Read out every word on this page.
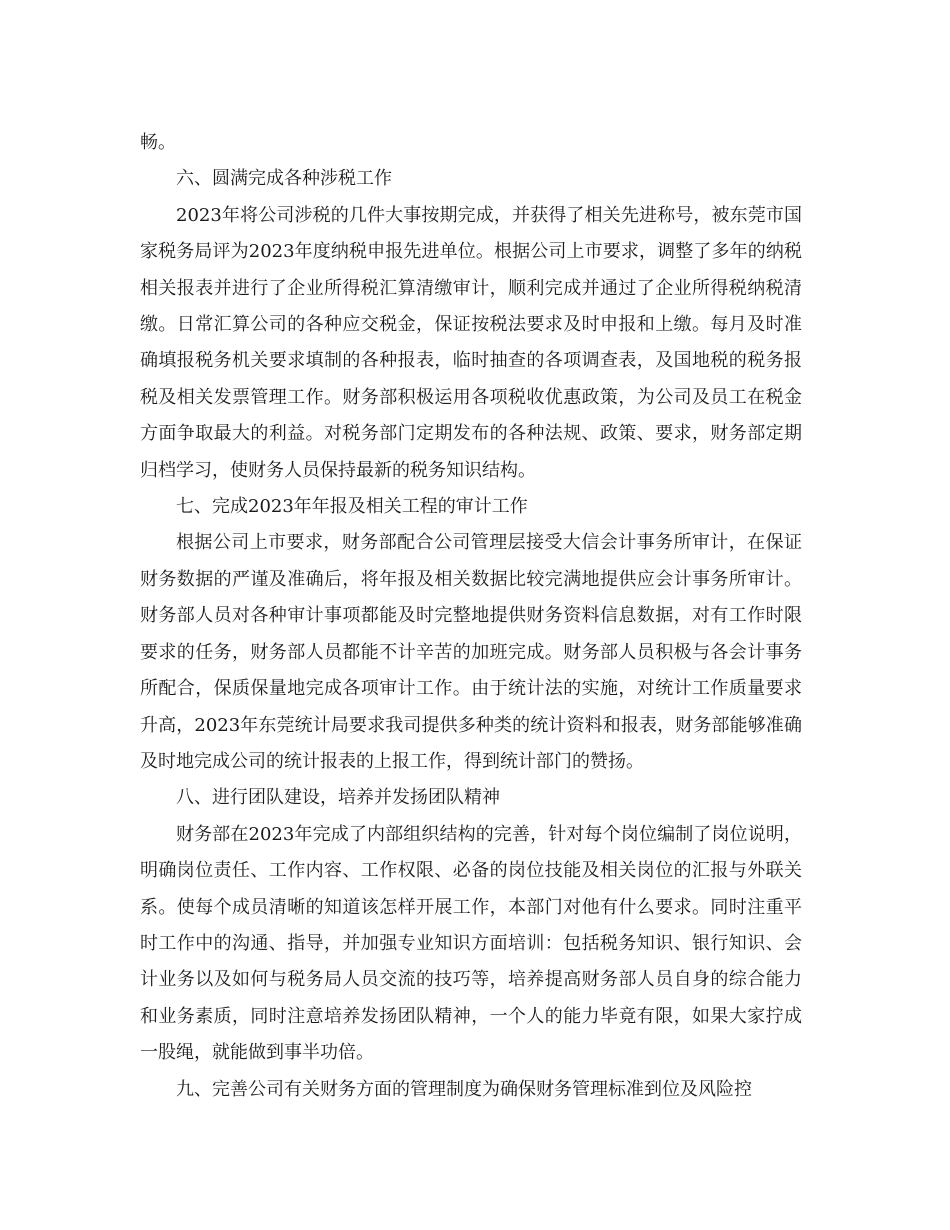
畅。

六、圆满完成各种涉税工作

2023年将公司涉税的几件大事按期完成，并获得了相关先进称号，被东莞市国家税务局评为2023年度纳税申报先进单位。根据公司上市要求，调整了多年的纳税相关报表并进行了企业所得税汇算清缴审计，顺利完成并通过了企业所得税纳税清缴。日常汇算公司的各种应交税金，保证按税法要求及时申报和上缴。每月及时准确填报税务机关要求填制的各种报表，临时抽查的各项调查表，及国地税的税务报税及相关发票管理工作。财务部积极运用各项税收优惠政策，为公司及员工在税金方面争取最大的利益。对税务部门定期发布的各种法规、政策、要求，财务部定期归档学习，使财务人员保持最新的税务知识结构。

七、完成2023年年报及相关工程的审计工作

根据公司上市要求，财务部配合公司管理层接受大信会计事务所审计，在保证财务数据的严谨及准确后，将年报及相关数据比较完满地提供应会计事务所审计。财务部人员对各种审计事项都能及时完整地提供财务资料信息数据，对有工作时限要求的任务，财务部人员都能不计辛苦的加班完成。财务部人员积极与各会计事务所配合，保质保量地完成各项审计工作。由于统计法的实施，对统计工作质量要求升高，2023年东莞统计局要求我司提供多种类的统计资料和报表，财务部能够准确及时地完成公司的统计报表的上报工作，得到统计部门的赞扬。

八、进行团队建设，培养并发扬团队精神

财务部在2023年完成了内部组织结构的完善，针对每个岗位编制了岗位说明，明确岗位责任、工作内容、工作权限、必备的岗位技能及相关岗位的汇报与外联关系。使每个成员清晰的知道该怎样开展工作，本部门对他有什么要求。同时注重平时工作中的沟通、指导，并加强专业知识方面培训：包括税务知识、银行知识、会计业务以及如何与税务局人员交流的技巧等，培养提高财务部人员自身的综合能力和业务素质，同时注意培养发扬团队精神，一个人的能力毕竟有限，如果大家拧成一股绳，就能做到事半功倍。

九、完善公司有关财务方面的管理制度为确保财务管理标准到位及风险控
